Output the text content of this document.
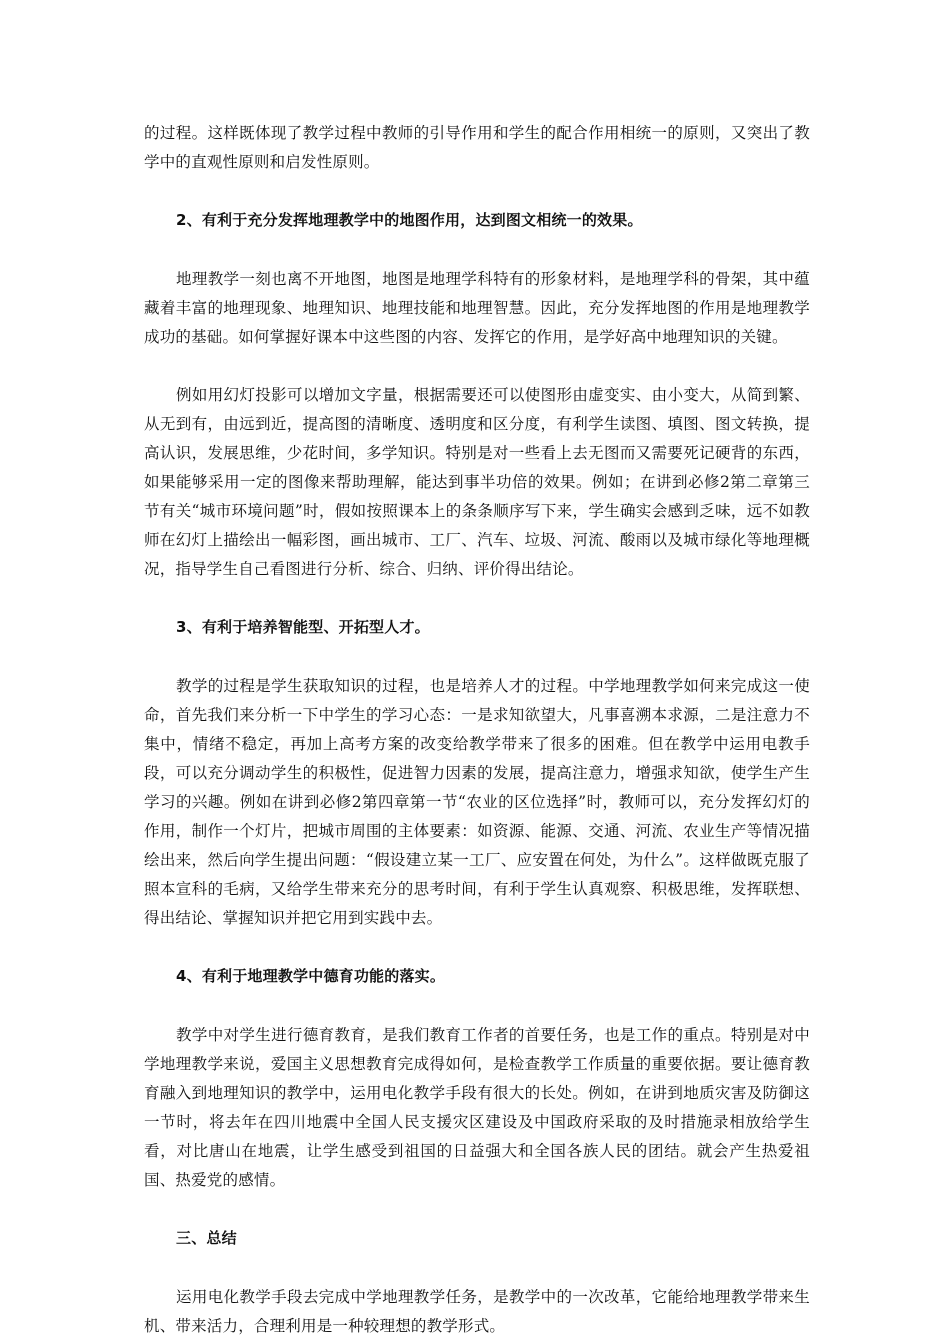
的过程。这样既体现了教学过程中教师的引导作用和学生的配合作用相统一的原则，又突出了教学中的直观性原则和启发性原则。

2、有利于充分发挥地理教学中的地图作用，达到图文相统一的效果。

地理教学一刻也离不开地图，地图是地理学科特有的形象材料，是地理学科的骨架，其中蕴藏着丰富的地理现象、地理知识、地理技能和地理智慧。因此，充分发挥地图的作用是地理教学成功的基础。如何掌握好课本中这些图的内容、发挥它的作用，是学好高中地理知识的关键。

例如用幻灯投影可以增加文字量，根据需要还可以使图形由虚变实、由小变大，从简到繁、从无到有，由远到近，提高图的清晰度、透明度和区分度，有利学生读图、填图、图文转换，提高认识，发展思维，少花时间，多学知识。特别是对一些看上去无图而又需要死记硬背的东西，如果能够采用一定的图像来帮助理解，能达到事半功倍的效果。例如；在讲到必修2第二章第三节有关“城市环境问题”时，假如按照课本上的条条顺序写下来，学生确实会感到乏味，远不如教师在幻灯上描绘出一幅彩图，画出城市、工厂、汽车、垃圾、河流、酸雨以及城市绿化等地理概况，指导学生自己看图进行分析、综合、归纳、评价得出结论。

3、有利于培养智能型、开拓型人才。

教学的过程是学生获取知识的过程，也是培养人才的过程。中学地理教学如何来完成这一使命，首先我们来分析一下中学生的学习心态：一是求知欲望大，凡事喜溯本求源，二是注意力不集中，情绪不稳定，再加上高考方案的改变给教学带来了很多的困难。但在教学中运用电教手段，可以充分调动学生的积极性，促进智力因素的发展，提高注意力，增强求知欲，使学生产生学习的兴趣。例如在讲到必修2第四章第一节“农业的区位选择”时，教师可以，充分发挥幻灯的作用，制作一个灯片，把城市周围的主体要素：如资源、能源、交通、河流、农业生产等情况描绘出来，然后向学生提出问题：“假设建立某一工厂、应安置在何处，为什么”。这样做既克服了照本宣科的毛病，又给学生带来充分的思考时间，有利于学生认真观察、积极思维，发挥联想、得出结论、掌握知识并把它用到实践中去。

4、有利于地理教学中德育功能的落实。

教学中对学生进行德育教育，是我们教育工作者的首要任务，也是工作的重点。特别是对中学地理教学来说，爱国主义思想教育完成得如何，是检查教学工作质量的重要依据。要让德育教育融入到地理知识的教学中，运用电化教学手段有很大的长处。例如，在讲到地质灾害及防御这一节时，将去年在四川地震中全国人民支援灾区建设及中国政府采取的及时措施录相放给学生看，对比唐山在地震，让学生感受到祖国的日益强大和全国各族人民的团结。就会产生热爱祖国、热爱党的感情。

三、总结

运用电化教学手段去完成中学地理教学任务，是教学中的一次改革，它能给地理教学带来生机、带来活力，合理利用是一种较理想的教学形式。
